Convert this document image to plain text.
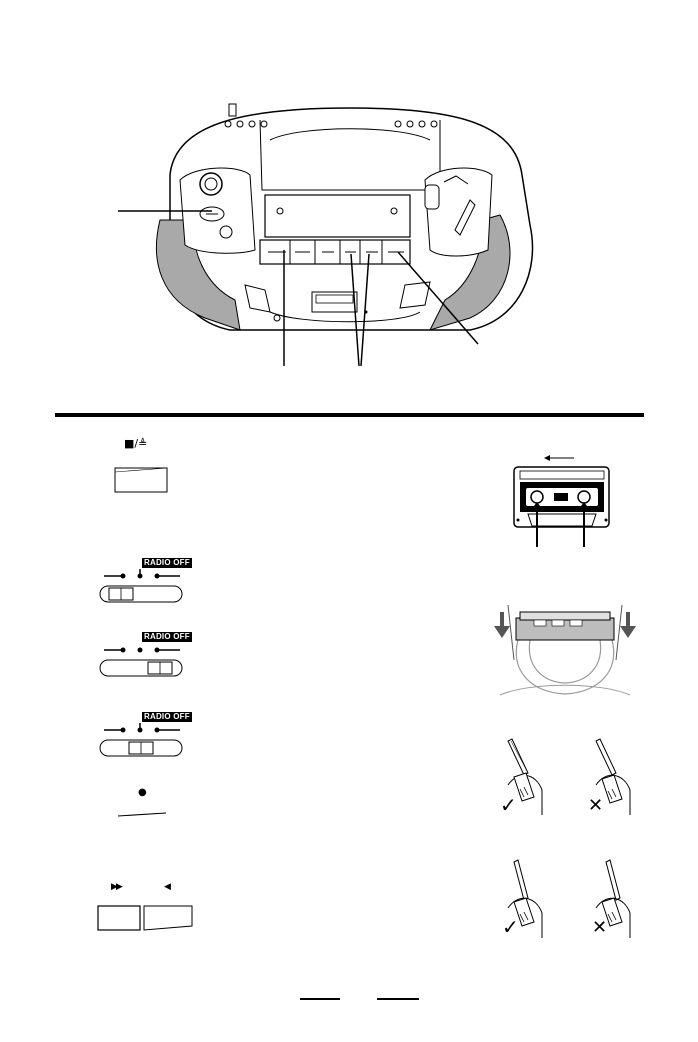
■/≜
RADIO OFF
RADIO OFF
RADIO OFF
●
▶▶	◀
✓	✕
✓	✕
